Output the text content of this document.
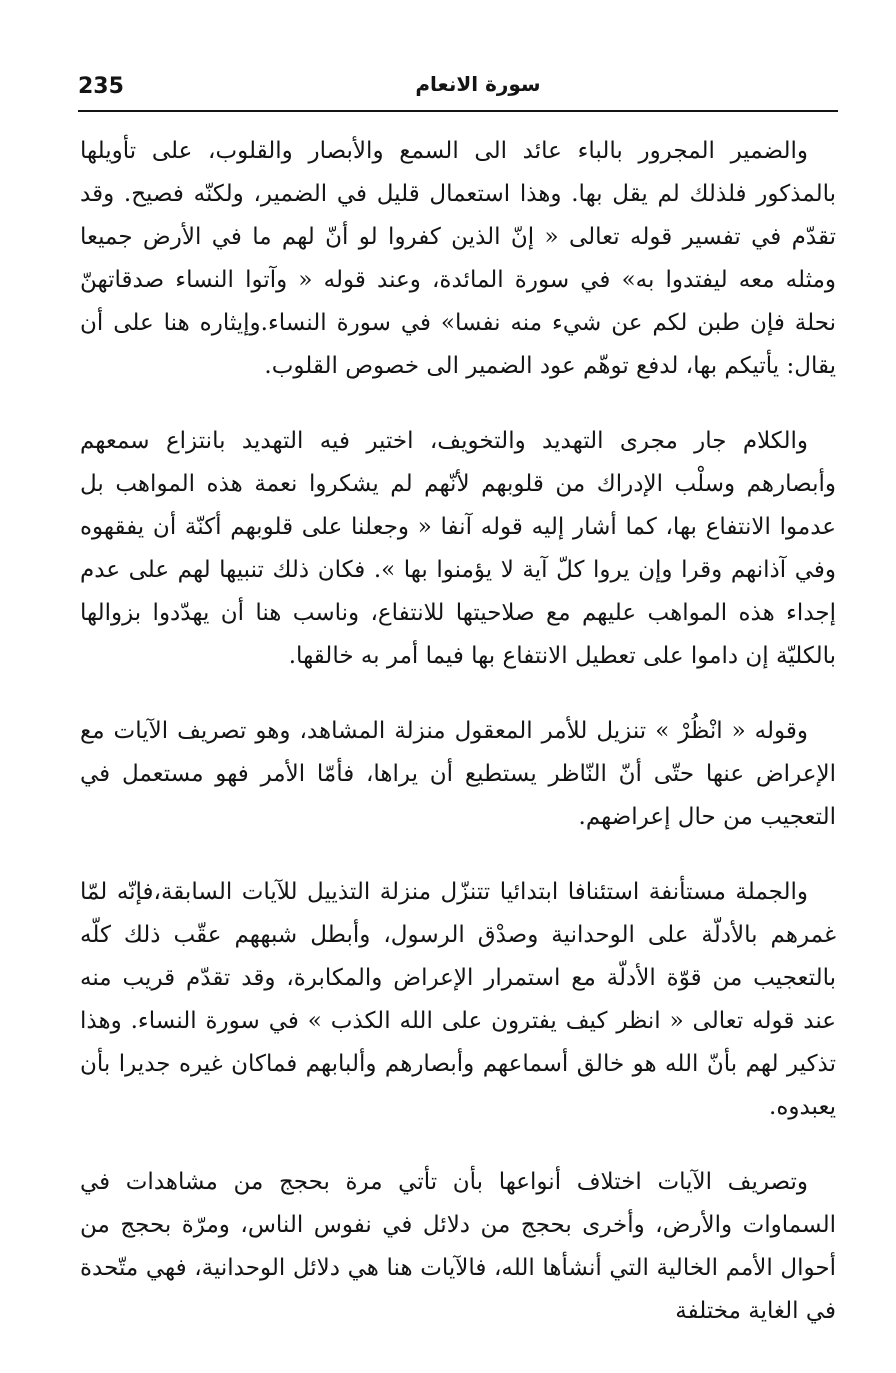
235	سورة الانعام

والضمير المجرور بالباء عائد الى السمع والأبصار والقلوب، على تأويلها بالمذكور فلذلك لم يقل بها. وهذا استعمال قليل في الضمير، ولكنّه فصيح. وقد تقدّم في تفسير قوله تعالى « إنّ الذين كفروا لو أنّ لهم ما في الأرض جميعا ومثله معه ليفتدوا به» في سورة المائدة، وعند قوله « وآتوا النساء صدقاتهنّ نحلة فإن طبن لكم عن شيء منه نفسا» في سورة النساء.وإيثاره هنا على أن يقال: يأتيكم بها، لدفع توهّم عود الضمير الى خصوص القلوب.

والكلام جار مجرى التهديد والتخويف، اختير فيه التهديد بانتزاع سمعهم وأبصارهم وسلْب الإدراك من قلوبهم لأنّهم لم يشكروا نعمة هذه المواهب بل عدموا الانتفاع بها، كما أشار إليه قوله آنفا « وجعلنا على قلوبهم أكنّة أن يفقهوه وفي آذانهم وقرا وإن يروا كلّ آية لا يؤمنوا بها ». فكان ذلك تنبيها لهم على عدم إجداء هذه المواهب عليهم مع صلاحيتها للانتفاع، وناسب هنا أن يهدّدوا بزوالها بالكليّة إن داموا على تعطيل الانتفاع بها فيما أمر به خالقها.

وقوله « انْظُرْ » تنزيل للأمر المعقول منزلة المشاهد، وهو تصريف الآيات مع الإعراض عنها حتّى أنّ النّاظر يستطيع أن يراها، فأمّا الأمر فهو مستعمل في التعجيب من حال إعراضهم.

والجملة مستأنفة استئنافا ابتدائيا تتنزّل منزلة التذييل للآيات السابقة،فإنّه لمّا غمرهم بالأدلّة على الوحدانية وصدْق الرسول، وأبطل شبههم عقّب ذلك كلّه بالتعجيب من قوّة الأدلّة مع استمرار الإعراض والمكابرة، وقد تقدّم قريب منه عند قوله تعالى « انظر كيف يفترون على الله الكذب » في سورة النساء. وهذا تذكير لهم بأنّ الله هو خالق أسماعهم وأبصارهم وألبابهم فماكان غيره جديرا بأن يعبدوه.

وتصريف الآيات اختلاف أنواعها بأن تأتي مرة بحجج من مشاهدات في السماوات والأرض، وأخرى بحجج من دلائل في نفوس الناس، ومرّة بحجج من أحوال الأمم الخالية التي أنشأها الله، فالآيات هنا هي دلائل الوحدانية، فهي متّحدة في الغاية مختلفة
